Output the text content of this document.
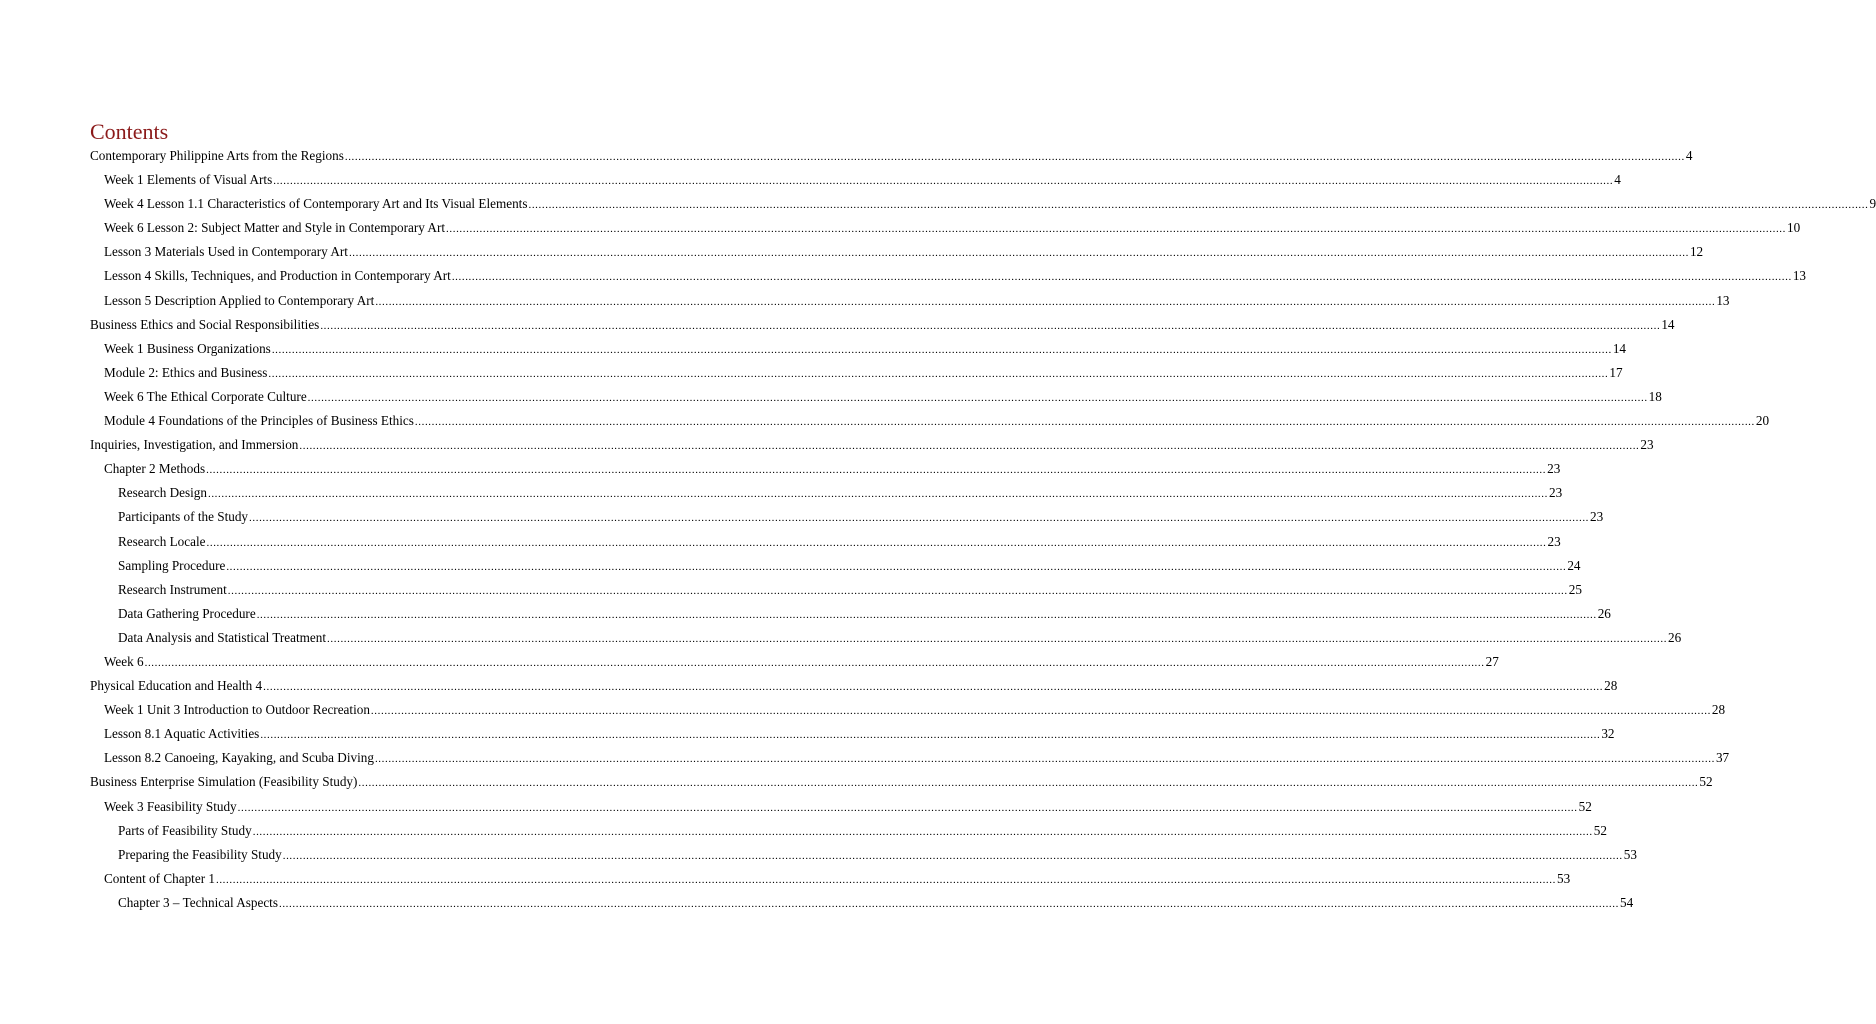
Contents
Contemporary Philippine Arts from the Regions ................................................................................................................................................................................................................................................................................................................................................................................................................ 4
Week 1 Elements of Visual Arts ................................................................................................................................................................................................................................................................................................................................................................................................................ 4
Week 4 Lesson 1.1 Characteristics of Contemporary Art and Its Visual Elements ................................................................................................................................................................................................................................................................................................................................................................................................................ 9
Week 6 Lesson 2: Subject Matter and Style in Contemporary Art ................................................................................................................................................................................................................................................................................................................................................................................................................ 10
Lesson 3 Materials Used in Contemporary Art ................................................................................................................................................................................................................................................................................................................................................................................................................ 12
Lesson 4 Skills, Techniques, and Production in Contemporary Art ................................................................................................................................................................................................................................................................................................................................................................................................................ 13
Lesson 5 Description Applied to Contemporary Art ................................................................................................................................................................................................................................................................................................................................................................................................................ 13
Business Ethics and Social Responsibilities ................................................................................................................................................................................................................................................................................................................................................................................................................ 14
Week 1 Business Organizations ................................................................................................................................................................................................................................................................................................................................................................................................................ 14
Module 2: Ethics and Business ................................................................................................................................................................................................................................................................................................................................................................................................................ 17
Week 6 The Ethical Corporate Culture ................................................................................................................................................................................................................................................................................................................................................................................................................ 18
Module 4 Foundations of the Principles of Business Ethics ................................................................................................................................................................................................................................................................................................................................................................................................................ 20
Inquiries, Investigation, and Immersion ................................................................................................................................................................................................................................................................................................................................................................................................................ 23
Chapter 2 Methods ................................................................................................................................................................................................................................................................................................................................................................................................................ 23
Research Design ................................................................................................................................................................................................................................................................................................................................................................................................................ 23
Participants of the Study ................................................................................................................................................................................................................................................................................................................................................................................................................ 23
Research Locale ................................................................................................................................................................................................................................................................................................................................................................................................................ 23
Sampling Procedure ................................................................................................................................................................................................................................................................................................................................................................................................................ 24
Research Instrument ................................................................................................................................................................................................................................................................................................................................................................................................................ 25
Data Gathering Procedure ................................................................................................................................................................................................................................................................................................................................................................................................................ 26
Data Analysis and Statistical Treatment ................................................................................................................................................................................................................................................................................................................................................................................................................ 26
Week 6 ................................................................................................................................................................................................................................................................................................................................................................................................................ 27
Physical Education and Health 4 ................................................................................................................................................................................................................................................................................................................................................................................................................ 28
Week 1 Unit 3 Introduction to Outdoor Recreation ................................................................................................................................................................................................................................................................................................................................................................................................................ 28
Lesson 8.1 Aquatic Activities ................................................................................................................................................................................................................................................................................................................................................................................................................ 32
Lesson 8.2 Canoeing, Kayaking, and Scuba Diving ................................................................................................................................................................................................................................................................................................................................................................................................................ 37
Business Enterprise Simulation (Feasibility Study) ................................................................................................................................................................................................................................................................................................................................................................................................................ 52
Week 3 Feasibility Study ................................................................................................................................................................................................................................................................................................................................................................................................................ 52
Parts of Feasibility Study ................................................................................................................................................................................................................................................................................................................................................................................................................ 52
Preparing the Feasibility Study ................................................................................................................................................................................................................................................................................................................................................................................................................ 53
Content of Chapter 1 ................................................................................................................................................................................................................................................................................................................................................................................................................ 53
Chapter 3 – Technical Aspects ................................................................................................................................................................................................................................................................................................................................................................................................................ 54
